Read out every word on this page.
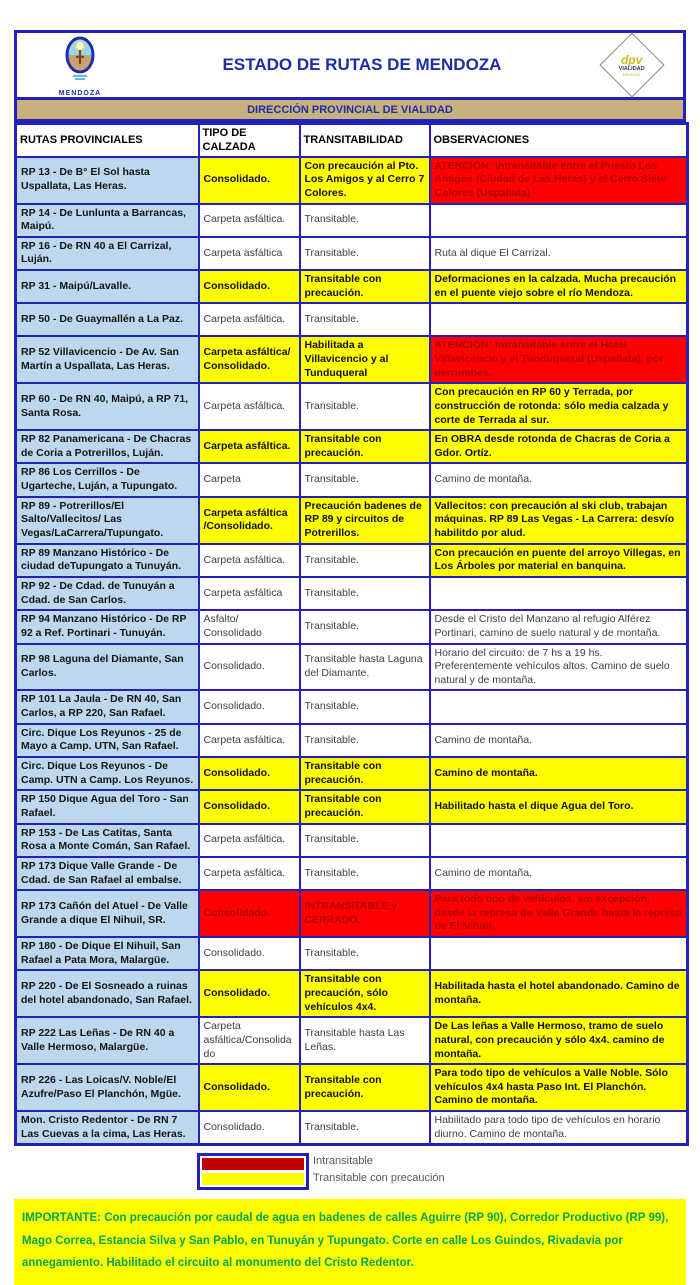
MENDOZA
ESTADO DE RUTAS DE MENDOZA	dpv
VIALIDAD
MENDOZA
DIRECCIÓN PROVINCIAL DE VIALIDAD
RUTAS PROVINCIALES	TIPO DE CALZADA	TRANSITABILIDAD	OBSERVACIONES
RP 13 - De B° El Sol hasta Uspallata, Las Heras.	Consolidado.	Con precaución al Pto. Los Amigos y al Cerro 7 Colores.	ATENCIÓN: Intransitable entre el Puesto Los Amigos (Ciudad de Las Heras) y el Cerro Siete Colores (Uspallata)
RP 14 - De Lunlunta a Barrancas, Maipú.	Carpeta asfáltica.	Transitable.	
RP 16 - De RN 40 a El Carrizal, Luján.	Carpeta asfáltica	Transitable.	Ruta al dique El Carrizal.
RP 31 - Maipú/Lavalle.	Consolidado.	Transitable con precaución.	Deformaciones en la calzada. Mucha precaución en el puente viejo sobre el río Mendoza.
RP 50 - De Guaymallén a La Paz.	Carpeta asfáltica.	Transitable.	
RP 52 Villavicencio - De Av. San Martín a Uspallata, Las Heras.	Carpeta asfáltica/ Consolidado.	Habilitada a Villavicencio y al Tunduqueral	ATENCIÓN: Intransitable entre el Hotel Villavicencio y el Tunduqueral (Uspallata), por derrumbes.
RP 60 - De RN 40, Maipú, a RP 71, Santa Rosa.	Carpeta asfáltica.	Transitable.	Con precaución en RP 60 y Terrada, por construcción de rotonda: sólo media calzada y corte de Terrada al sur.
RP 82 Panamericana - De Chacras de Coria a Potrerillos, Luján.	Carpeta asfáltica.	Transitable con precaución.	En OBRA desde rotonda de Chacras de Coria a Gdor. Ortíz.
RP 86 Los Cerrillos - De Ugarteche, Luján, a Tupungato.	Carpeta	Transitable.	Camino de montaña.
RP 89 - Potrerillos/El Salto/Vallecitos/ Las Vegas/LaCarrera/Tupungato.	Carpeta asfáltica /Consolidado.	Precaución badenes de RP 89 y circuitos de Potrerillos.	Vallecitos: con precaución al ski club, trabajan máquinas. RP 89 Las Vegas - La Carrera: desvío habilitdo por alud.
RP 89 Manzano Histórico - De ciudad deTupungato a Tunuyán.	Carpeta asfáltica.	Transitable.	Con precaución en puente del arroyo Villegas, en Los Árboles por material en banquina.
RP 92 - De Cdad. de Tunuyán a Cdad. de San Carlos.	Carpeta asfáltica	Transitable.	
RP 94 Manzano Histórico - De RP 92 a Ref. Portinari - Tunuyán.	Asfalto/ Consolidado	Transitable.	Desde el Cristo del Manzano al refugio Alférez Portinari, camino de suelo natural y de montaña.
RP 98 Laguna del Diamante, San Carlos.	Consolidado.	Transitable hasta Laguna del Diamante.	Horario del circuito: de 7 hs a 19 hs. Preferentemente vehículos altos. Camino de suelo natural y de montaña.
RP 101 La Jaula - De RN 40, San Carlos, a RP 220, San Rafael.	Consolidado.	Transitable.	
Circ. Dique Los Reyunos - 25 de Mayo a Camp. UTN, San Rafael.	Carpeta asfáltica.	Transitable.	Camino de montaña.
Circ. Dique Los Reyunos - De Camp. UTN a Camp. Los Reyunos.	Consolidado.	Transitable con precaución.	Camino de montaña.
RP 150 Dique Agua del Toro - San Rafael.	Consolidado.	Transitable con precaución.	Habilitado hasta el dique Agua del Toro.
RP 153 - De Las Catitas, Santa Rosa a Monte Comán, San Rafael.	Carpeta asfáltica.	Transitable.	
RP 173 Dique Valle Grande - De Cdad. de San Rafael al embalse.	Carpeta asfáltica.	Transitable.	Camino de montaña.
RP 173 Cañón del Atuel - De Valle Grande a dique El Nihuil, SR.	Consolidado.	INTRANSITABLE y CERRADO.	Para todo tipo de vehículos, sin excepción, desde la represa de Valle Grande hasta la represa de El Nihuil.
RP 180 - De Dique El Nihuil, San Rafael a Pata Mora, Malargüe.	Consolidado.	Transitable.	
RP 220 - De El Sosneado a ruinas del hotel abandonado, San Rafael.	Consolidado.	Transitable con precaución, sólo vehículos 4x4.	Habilitada hasta el hotel abandonado. Camino de montaña.
RP 222 Las Leñas - De RN 40 a Valle Hermoso, Malargüe.	Carpeta asfáltica/Consolidado	Transitable hasta Las Leñas.	De Las leñas a Valle Hermoso, tramo de suelo natural, con precaución y sólo 4x4. camino de montaña.
RP 226 - Las Loicas/V. Noble/El Azufre/Paso El Planchón, Mgüe.	Consolidado.	Transitable con precaución.	Para todo tipo de vehículos a Valle Noble. Sólo vehículos 4x4 hasta Paso Int. El Planchón. Camino de montaña.
Mon. Cristo Redentor - De RN 7 Las Cuevas a la cima, Las Heras.	Consolidado.	Transitable.	Habilitado para todo tipo de vehículos en horario diurno. Camino de montaña.
Intransitable
Transitable con precaución
IMPORTANTE: Con precaución por caudal de agua en badenes de calles Aguirre (RP 90), Corredor Productivo (RP 99), Mago Correa, Estancia Silva y San Pablo, en Tunuyán y Tupungato. Corte en calle Los Guindos, Rivadavia por annegamiento. Habilitado el circuito al monumento del Cristo Redentor.
